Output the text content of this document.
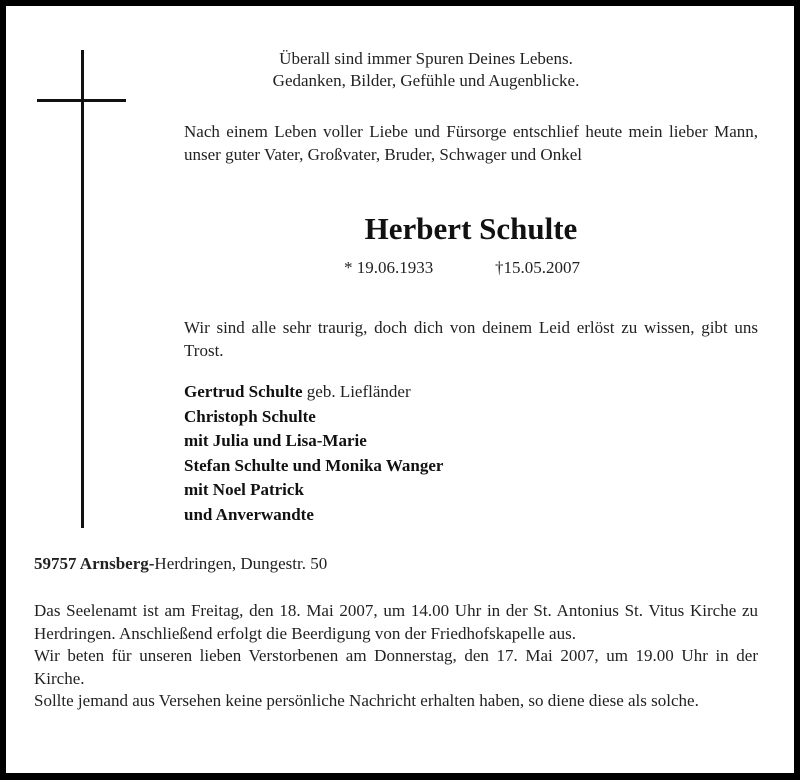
Überall sind immer Spuren Deines Lebens.
Gedanken, Bilder, Gefühle und Augenblicke.
Nach einem Leben voller Liebe und Fürsorge entschlief heute mein lieber Mann, unser guter Vater, Großvater, Bruder, Schwager und Onkel
Herbert Schulte
* 19.06.1933	†15.05.2007
Wir sind alle sehr traurig, doch dich von deinem Leid erlöst zu wissen, gibt uns Trost.
Gertrud Schulte geb. Liefländer
Christoph Schulte
mit Julia und Lisa-Marie
Stefan Schulte und Monika Wanger
mit Noel Patrick
und Anverwandte
59757 Arnsberg-Herdringen, Dungestr. 50

Das Seelenamt ist am Freitag, den 18. Mai 2007, um 14.00 Uhr in der St. Antonius St. Vitus Kirche zu Herdringen. Anschließend erfolgt die Beerdigung von der Friedhofskapelle aus.

Wir beten für unseren lieben Verstorbenen am Donnerstag, den 17. Mai 2007, um 19.00 Uhr in der Kirche.

Sollte jemand aus Versehen keine persönliche Nachricht erhalten haben, so diene diese als solche.
